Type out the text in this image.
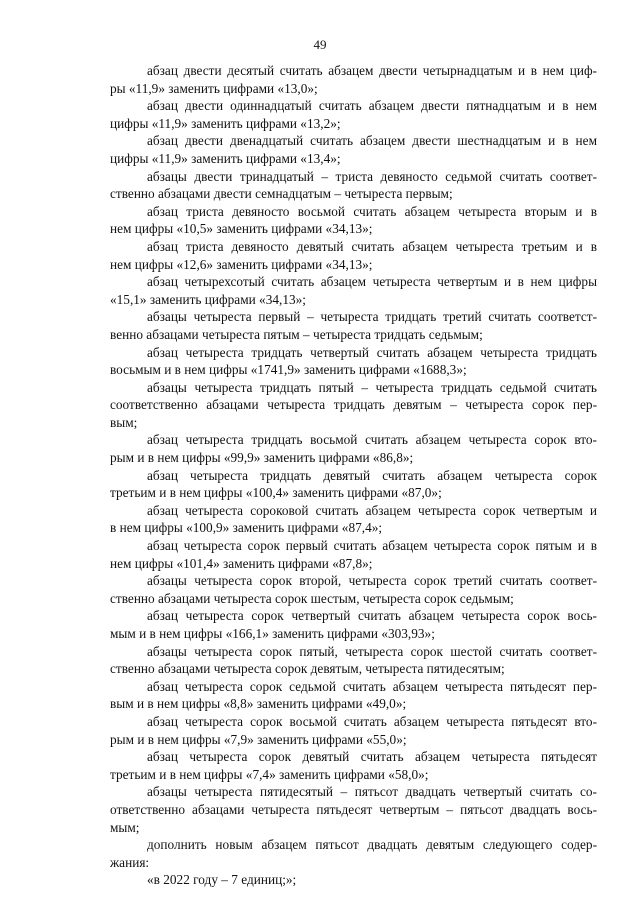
49
абзац двести десятый считать абзацем двести четырнадцатым и в нем циф-
ры «11,9» заменить цифрами «13,0»;
абзац двести одиннадцатый считать абзацем двести пятнадцатым и в нем
цифры «11,9» заменить цифрами «13,2»;
абзац двести двенадцатый считать абзацем двести шестнадцатым и в нем
цифры «11,9» заменить цифрами «13,4»;
абзацы двести тринадцатый – триста девяносто седьмой считать соответ-
ственно абзацами двести семнадцатым – четыреста первым;
абзац триста девяносто восьмой считать абзацем четыреста вторым и в
нем цифры «10,5» заменить цифрами «34,13»;
абзац триста девяносто девятый считать абзацем четыреста третьим и в
нем цифры «12,6» заменить цифрами «34,13»;
абзац четырехсотый считать абзацем четыреста четвертым и в нем цифры
«15,1» заменить цифрами «34,13»;
абзацы четыреста первый – четыреста тридцать третий считать соответст-
венно абзацами четыреста пятым – четыреста тридцать седьмым;
абзац четыреста тридцать четвертый считать абзацем четыреста тридцать
восьмым и в нем цифры «1741,9» заменить цифрами «1688,3»;
абзацы четыреста тридцать пятый – четыреста тридцать седьмой считать
соответственно абзацами четыреста тридцать девятым – четыреста сорок пер-
вым;
абзац четыреста тридцать восьмой считать абзацем четыреста сорок вто-
рым и в нем цифры «99,9» заменить цифрами «86,8»;
абзац четыреста тридцать девятый считать абзацем четыреста сорок
третьим и в нем цифры «100,4» заменить цифрами «87,0»;
абзац четыреста сороковой считать абзацем четыреста сорок четвертым и
в нем цифры «100,9» заменить цифрами «87,4»;
абзац четыреста сорок первый считать абзацем четыреста сорок пятым и в
нем цифры «101,4» заменить цифрами «87,8»;
абзацы четыреста сорок второй, четыреста сорок третий считать соответ-
ственно абзацами четыреста сорок шестым, четыреста сорок седьмым;
абзац четыреста сорок четвертый считать абзацем четыреста сорок вось-
мым и в нем цифры «166,1» заменить цифрами «303,93»;
абзацы четыреста сорок пятый, четыреста сорок шестой считать соответ-
ственно абзацами четыреста сорок девятым, четыреста пятидесятым;
абзац четыреста сорок седьмой считать абзацем четыреста пятьдесят пер-
вым и в нем цифры «8,8» заменить цифрами «49,0»;
абзац четыреста сорок восьмой считать абзацем четыреста пятьдесят вто-
рым и в нем цифры «7,9» заменить цифрами «55,0»;
абзац четыреста сорок девятый считать абзацем четыреста пятьдесят
третьим и в нем цифры «7,4» заменить цифрами «58,0»;
абзацы четыреста пятидесятый – пятьсот двадцать четвертый считать со-
ответственно абзацами четыреста пятьдесят четвертым – пятьсот двадцать вось-
мым;
дополнить новым абзацем пятьсот двадцать девятым следующего содер-
жания:
«в 2022 году – 7 единиц;»;
